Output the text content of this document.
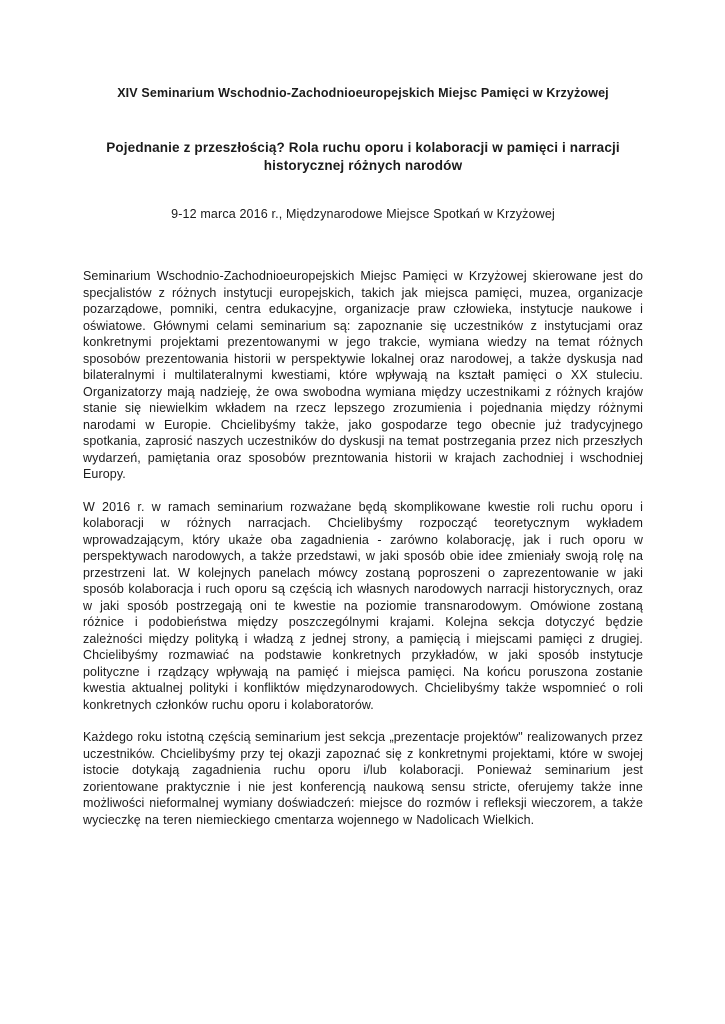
XIV Seminarium Wschodnio-Zachodnioeuropejskich Miejsc Pamięci w Krzyżowej
Pojednanie z przeszłością? Rola ruchu oporu i kolaboracji w pamięci i narracji historycznej różnych narodów
9-12 marca 2016 r., Międzynarodowe Miejsce Spotkań w Krzyżowej

Seminarium Wschodnio-Zachodnioeuropejskich Miejsc Pamięci w Krzyżowej skierowane jest do specjalistów z różnych instytucji europejskich, takich jak miejsca pamięci, muzea, organizacje pozarządowe, pomniki, centra edukacyjne, organizacje praw człowieka, instytucje naukowe i oświatowe. Głównymi celami seminarium są: zapoznanie się uczestników z instytucjami oraz konkretnymi projektami prezentowanymi w jego trakcie, wymiana wiedzy na temat różnych sposobów prezentowania historii w perspektywie lokalnej oraz narodowej, a także dyskusja nad bilateralnymi i multilateralnymi kwestiami, które wpływają na kształt pamięci o XX stuleciu. Organizatorzy mają nadzieję, że owa swobodna wymiana między uczestnikami z różnych krajów stanie się niewielkim wkładem na rzecz lepszego zrozumienia i pojednania między różnymi narodami w Europie. Chcielibyśmy także, jako gospodarze tego obecnie już tradycyjnego spotkania, zaprosić naszych uczestników do dyskusji na temat postrzegania przez nich przeszłych wydarzeń, pamiętania oraz sposobów prezntowania historii w krajach zachodniej i wschodniej Europy.

W 2016 r. w ramach seminarium rozważane będą skomplikowane kwestie roli ruchu oporu i kolaboracji w różnych narracjach. Chcielibyśmy rozpocząć teoretycznym wykładem wprowadzającym, który ukaże oba zagadnienia - zarówno kolaborację, jak i ruch oporu w perspektywach narodowych, a także przedstawi, w jaki sposób obie idee zmieniały swoją rolę na przestrzeni lat. W kolejnych panelach mówcy zostaną poproszeni o zaprezentowanie w jaki sposób kolaboracja i ruch oporu są częścią ich własnych narodowych narracji historycznych, oraz w jaki sposób postrzegają oni te kwestie na poziomie transnarodowym. Omówione zostaną różnice i podobieństwa między poszczególnymi krajami. Kolejna sekcja dotyczyć będzie zależności między polityką i władzą z jednej strony, a pamięcią i miejscami pamięci z drugiej. Chcielibyśmy rozmawiać na podstawie konkretnych przykładów, w jaki sposób instytucje polityczne i rządzący wpływają na pamięć i miejsca pamięci. Na końcu poruszona zostanie kwestia aktualnej polityki i konfliktów międzynarodowych. Chcielibyśmy także wspomnieć o roli konkretnych członków ruchu oporu i kolaboratorów.

Każdego roku istotną częścią seminarium jest sekcja „prezentacje projektów" realizowanych przez uczestników. Chcielibyśmy przy tej okazji zapoznać się z konkretnymi projektami, które w swojej istocie dotykają zagadnienia ruchu oporu i/lub kolaboracji. Ponieważ seminarium jest zorientowane praktycznie i nie jest konferencją naukową sensu stricte, oferujemy także inne możliwości nieformalnej wymiany doświadczeń: miejsce do rozmów i refleksji wieczorem, a także wycieczkę na teren niemieckiego cmentarza wojennego w Nadolicach Wielkich.
